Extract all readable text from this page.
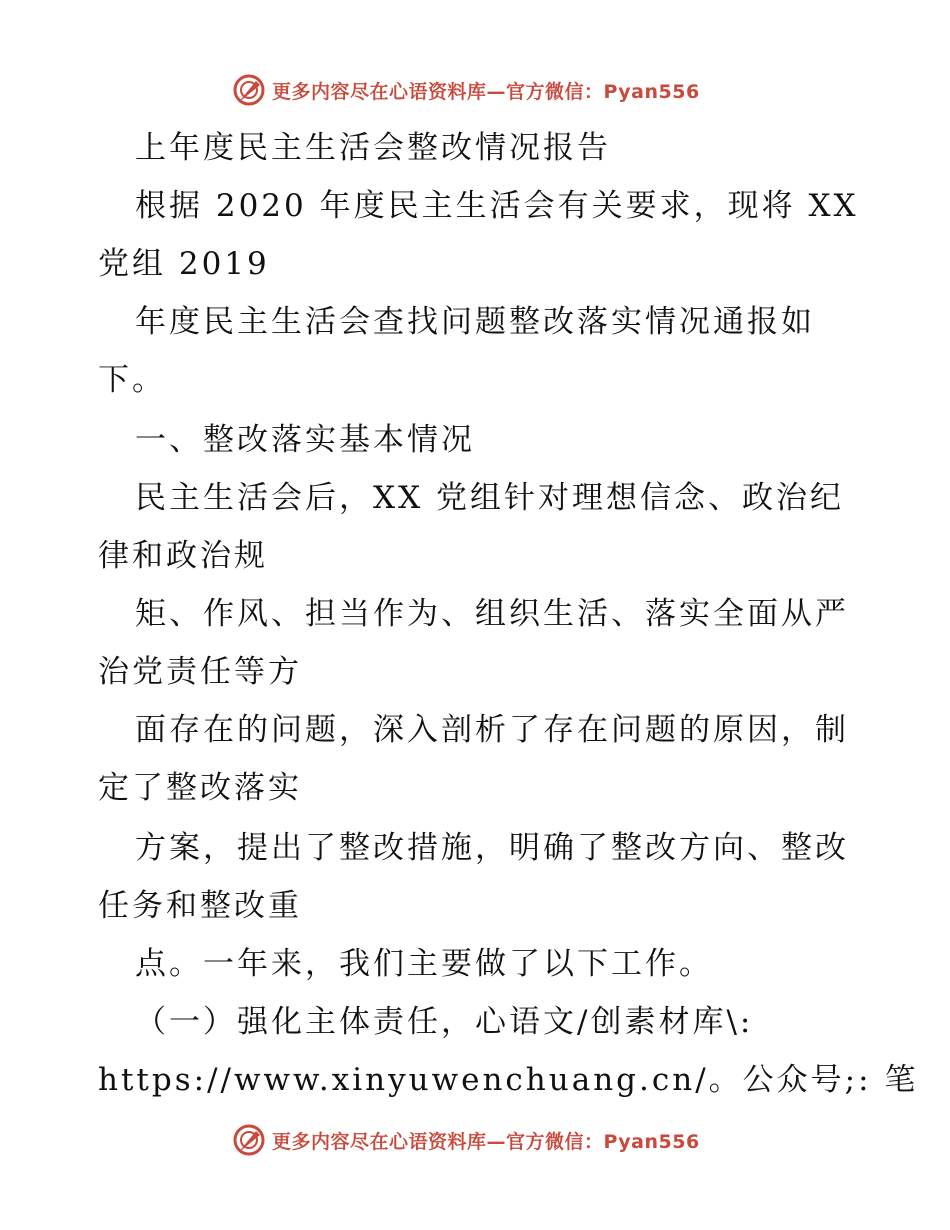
更多内容尽在心语资料库—官方微信：Pyan556

上年度民主生活会整改情况报告

根据 2020 年度民主生活会有关要求，现将 XX

党组 2019

年度民主生活会查找问题整改落实情况通报如

下。

一、整改落实基本情况

民主生活会后，XX 党组针对理想信念、政治纪

律和政治规

矩、作风、担当作为、组织生活、落实全面从严

治党责任等方

面存在的问题，深入剖析了存在问题的原因，制

定了整改落实

方案，提出了整改措施，明确了整改方向、整改

任务和整改重

点。一年来，我们主要做了以下工作。

（一）强化主体责任，心语文/创素材库\:

https://www.xinyuwenchuang.cn/。公众号;: 笔

更多内容尽在心语资料库—官方微信：Pyan556
